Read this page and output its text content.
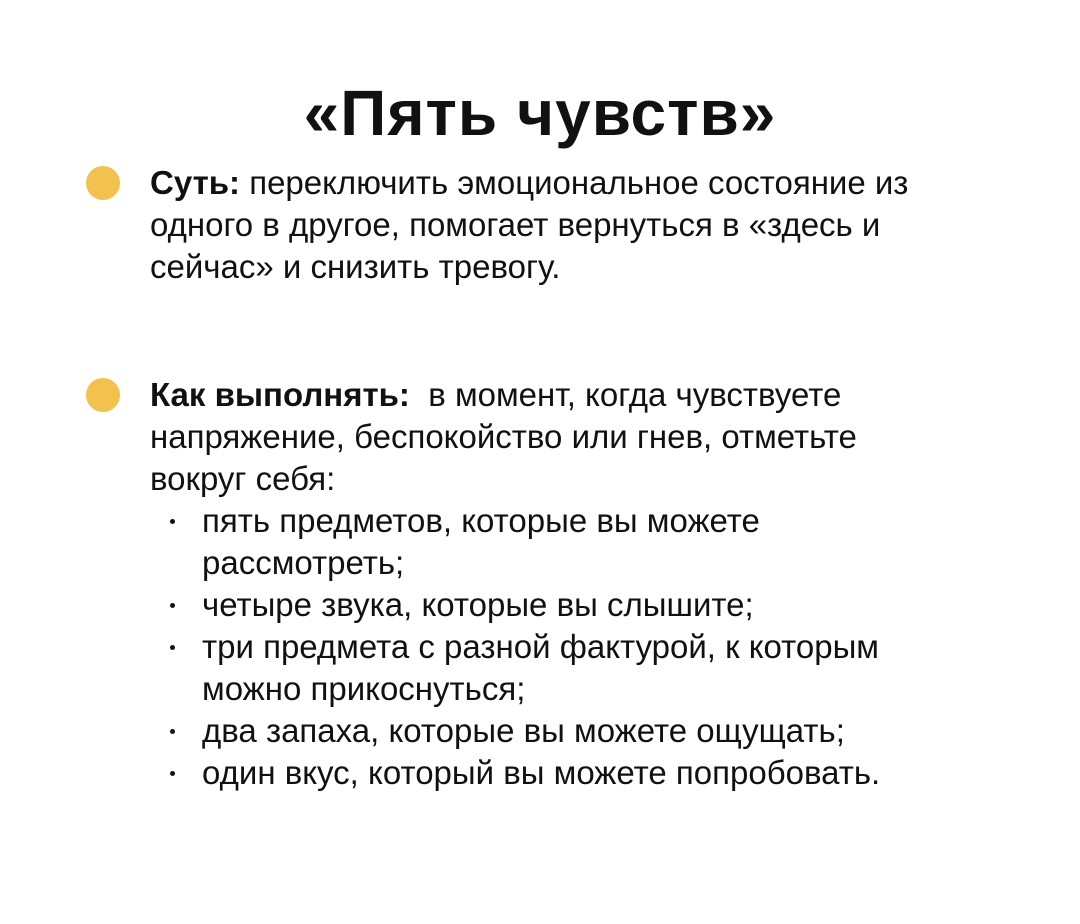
«Пять чувств»
Суть: переключить эмоциональное состояние из одного в другое, помогает вернуться в «здесь и сейчас» и снизить тревогу.
Как выполнять:  в момент, когда чувствуете напряжение, беспокойство или гнев, отметьте вокруг себя:
пять предметов, которые вы можете рассмотреть;
четыре звука, которые вы слышите;
три предмета с разной фактурой, к которым можно прикоснуться;
два запаха, которые вы можете ощущать;
один вкус, который вы можете попробовать.
